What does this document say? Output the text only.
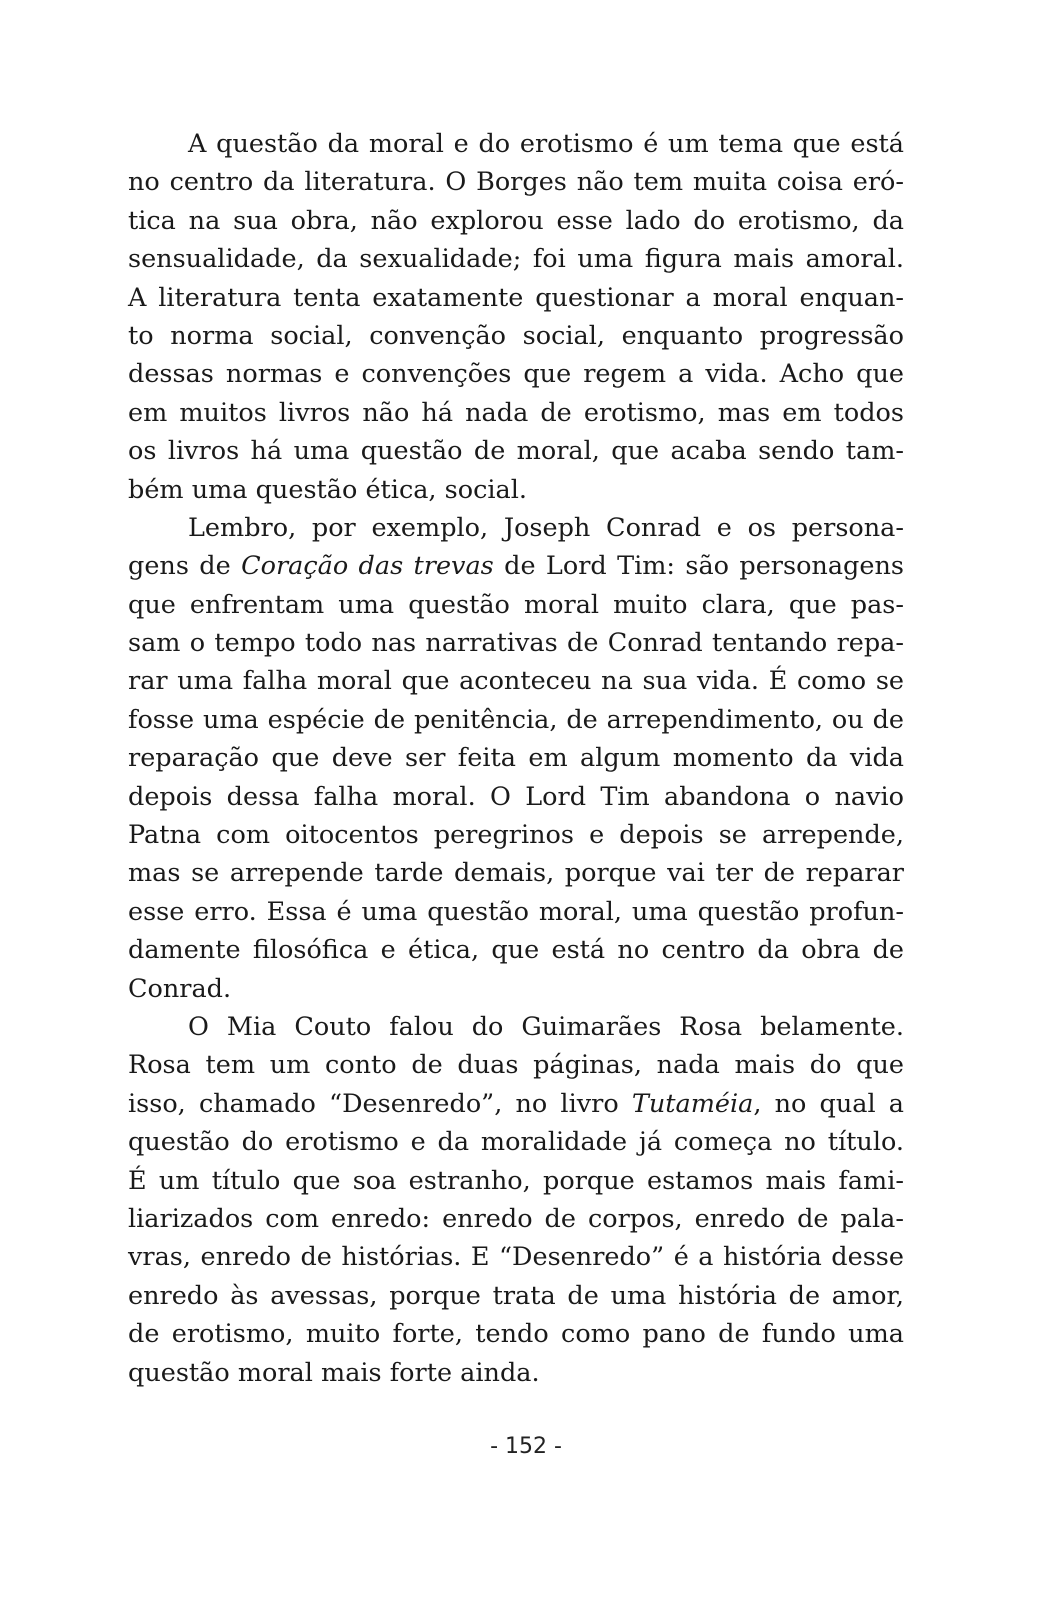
A questão da moral e do erotismo é um tema que está
no centro da literatura. O Borges não tem muita coisa eró-
tica na sua obra, não explorou esse lado do erotismo, da
sensualidade, da sexualidade; foi uma figura mais amoral.
A literatura tenta exatamente questionar a moral enquan-
to norma social, convenção social, enquanto progressão
dessas normas e convenções que regem a vida. Acho que
em muitos livros não há nada de erotismo, mas em todos
os livros há uma questão de moral, que acaba sendo tam-
bém uma questão ética, social.
Lembro, por exemplo, Joseph Conrad e os persona-
gens de Coração das trevas de Lord Tim: são personagens
que enfrentam uma questão moral muito clara, que pas-
sam o tempo todo nas narrativas de Conrad tentando repa-
rar uma falha moral que aconteceu na sua vida. É como se
fosse uma espécie de penitência, de arrependimento, ou de
reparação que deve ser feita em algum momento da vida
depois dessa falha moral. O Lord Tim abandona o navio
Patna com oitocentos peregrinos e depois se arrepende,
mas se arrepende tarde demais, porque vai ter de reparar
esse erro. Essa é uma questão moral, uma questão profun-
damente filosófica e ética, que está no centro da obra de
Conrad.
O Mia Couto falou do Guimarães Rosa belamente.
Rosa tem um conto de duas páginas, nada mais do que
isso, chamado “Desenredo”, no livro Tutaméia, no qual a
questão do erotismo e da moralidade já começa no título.
É um título que soa estranho, porque estamos mais fami-
liarizados com enredo: enredo de corpos, enredo de pala-
vras, enredo de histórias. E “Desenredo” é a história desse
enredo às avessas, porque trata de uma história de amor,
de erotismo, muito forte, tendo como pano de fundo uma
questão moral mais forte ainda.
- 152 -
